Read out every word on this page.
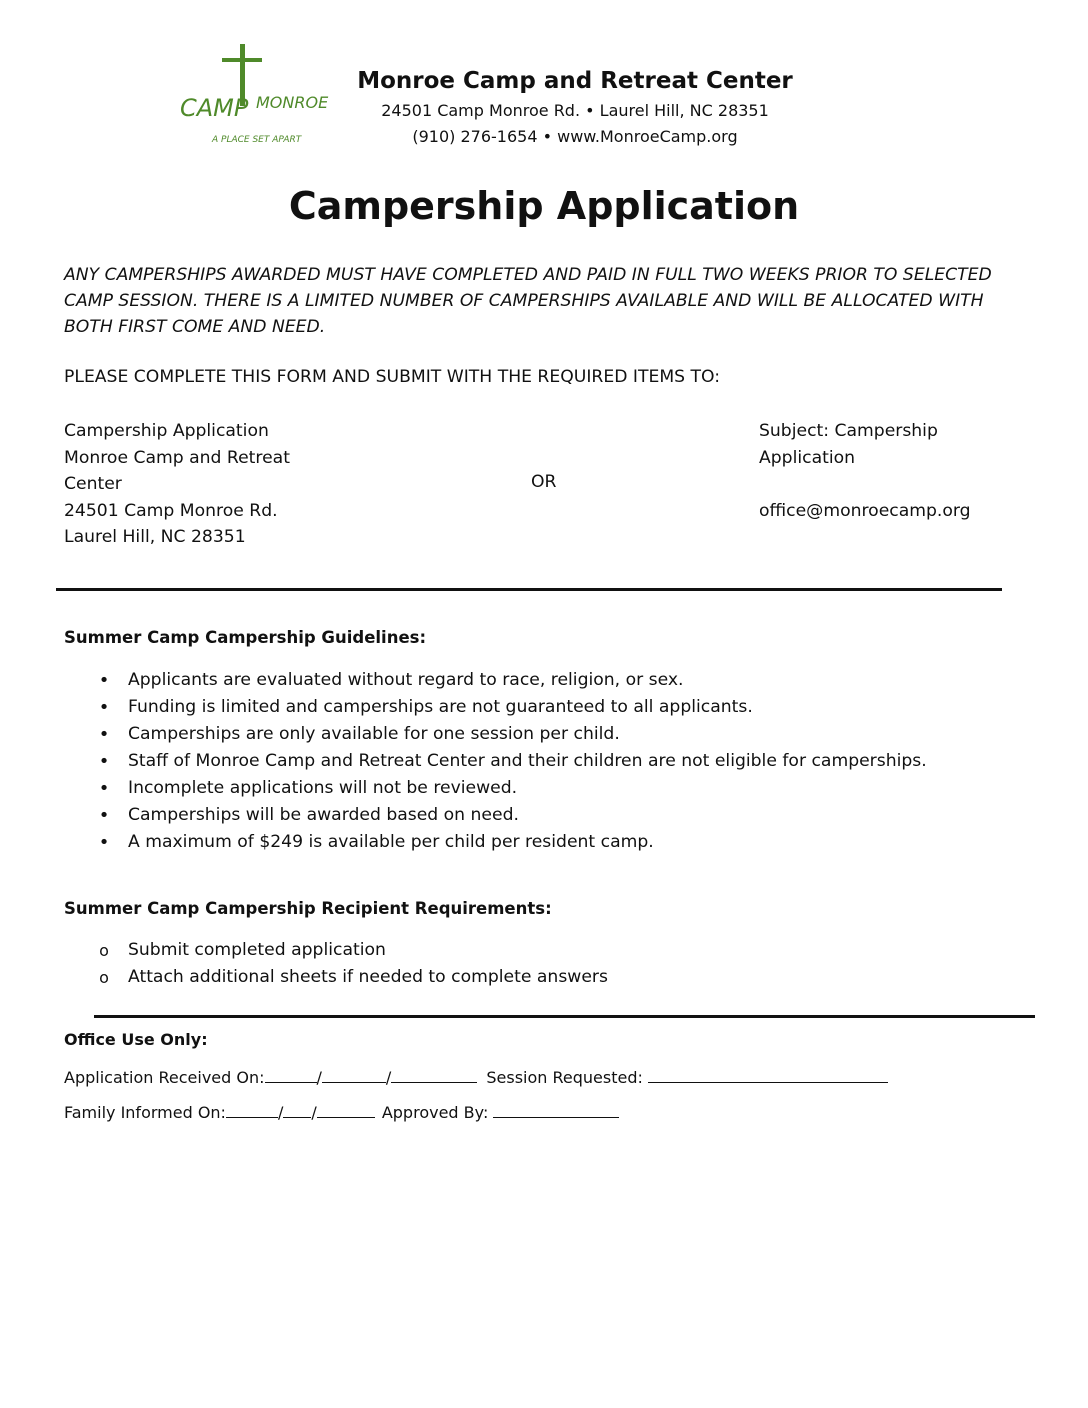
CAMP MONROE
A PLACE SET APART
Monroe Camp and Retreat Center
24501 Camp Monroe Rd. • Laurel Hill, NC 28351
(910) 276-1654 • www.MonroeCamp.org
Campership Application
ANY CAMPERSHIPS AWARDED MUST HAVE COMPLETED AND PAID IN FULL TWO WEEKS PRIOR TO SELECTED CAMP SESSION. THERE IS A LIMITED NUMBER OF CAMPERSHIPS AVAILABLE AND WILL BE ALLOCATED WITH BOTH FIRST COME AND NEED.
PLEASE COMPLETE THIS FORM AND SUBMIT WITH THE REQUIRED ITEMS TO:
Campership Application
Monroe Camp and Retreat Center
24501 Camp Monroe Rd.
Laurel Hill, NC 28351
OR
Subject: Campership Application
office@monroecamp.org
Summer Camp Campership Guidelines:
•
Applicants are evaluated without regard to race, religion, or sex.
•
Funding is limited and camperships are not guaranteed to all applicants.
•
Camperships are only available for one session per child.
•
Staff of Monroe Camp and Retreat Center and their children are not eligible for camperships.
•
Incomplete applications will not be reviewed.
•
Camperships will be awarded based on need.
•
A maximum of $249 is available per child per resident camp.
Summer Camp Campership Recipient Requirements:
o
Submit completed application
o
Attach additional sheets if needed to complete answers
Office Use Only:
Application Received On:	/	/	Session Requested:
Family Informed On:	/ /	Approved By:
